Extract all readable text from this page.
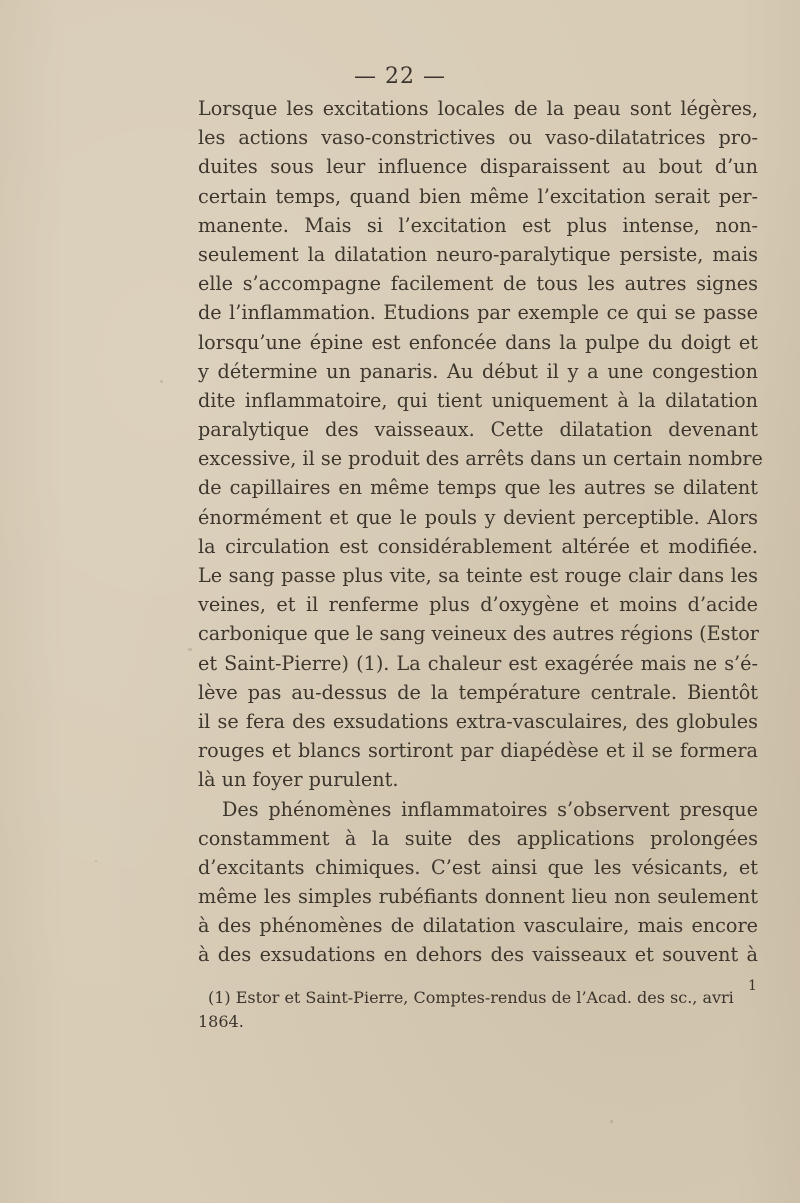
— 22 —
Lorsque les excitations locales de la peau sont légères,
les actions vaso-constrictives ou vaso-dilatatrices pro-
duites sous leur influence disparaissent au bout d’un
certain temps, quand bien même l’excitation serait per-
manente. Mais si l’excitation est plus intense, non-
seulement la dilatation neuro-paralytique persiste, mais
elle s’accompagne facilement de tous les autres signes
de l’inflammation. Etudions par exemple ce qui se passe
lorsqu’une épine est enfoncée dans la pulpe du doigt et
y détermine un panaris. Au début il y a une congestion
dite inflammatoire, qui tient uniquement à la dilatation
paralytique des vaisseaux. Cette dilatation devenant
excessive, il se produit des arrêts dans un certain nombre
de capillaires en même temps que les autres se dilatent
énormément et que le pouls y devient perceptible. Alors
la circulation est considérablement altérée et modifiée.
Le sang passe plus vite, sa teinte est rouge clair dans les
veines, et il renferme plus d’oxygène et moins d’acide
carbonique que le sang veineux des autres régions (Estor
et Saint-Pierre) (1). La chaleur est exagérée mais ne s’é-
lève pas au-dessus de la température centrale. Bientôt
il se fera des exsudations extra-vasculaires, des globules
rouges et blancs sortiront par diapédèse et il se formera
là un foyer purulent.
Des phénomènes inflammatoires s’observent presque
constamment à la suite des applications prolongées
d’excitants chimiques. C’est ainsi que les vésicants, et
même les simples rubéfiants donnent lieu non seulement
à des phénomènes de dilatation vasculaire, mais encore
à des exsudations en dehors des vaisseaux et souvent à
1
(1) Estor et Saint-Pierre, Comptes-rendus de l’Acad. des sc., avri
1864.
